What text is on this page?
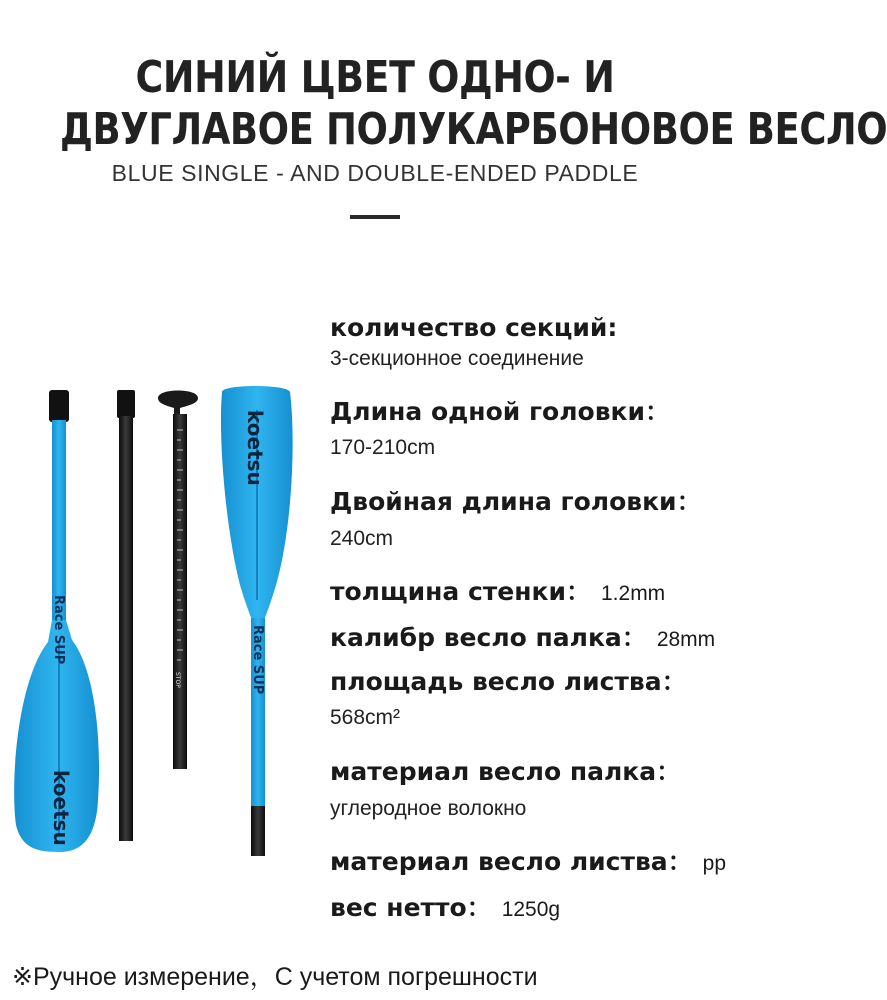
СИНИЙ ЦВЕТ ОДНО- И
ДВУГЛАВОЕ ПОЛУКАРБОНОВОЕ ВЕСЛО
BLUE SINGLE - AND DOUBLE-ENDED PADDLE
Race SUP
koetsu
STOP
koetsu
Race SUP
количество секций:
3-секционное соединение
Длина одной головки：
170-210cm
Двойная длина головки：
240cm
толщина стенки： 1.2mm
калибр весло палка： 28mm
площадь весло листва：
568cm²
материал весло палка：
углеродное волокно
материал весло листва： pp
вес нетто： 1250g
※Ручное измерение，С учетом погрешности
